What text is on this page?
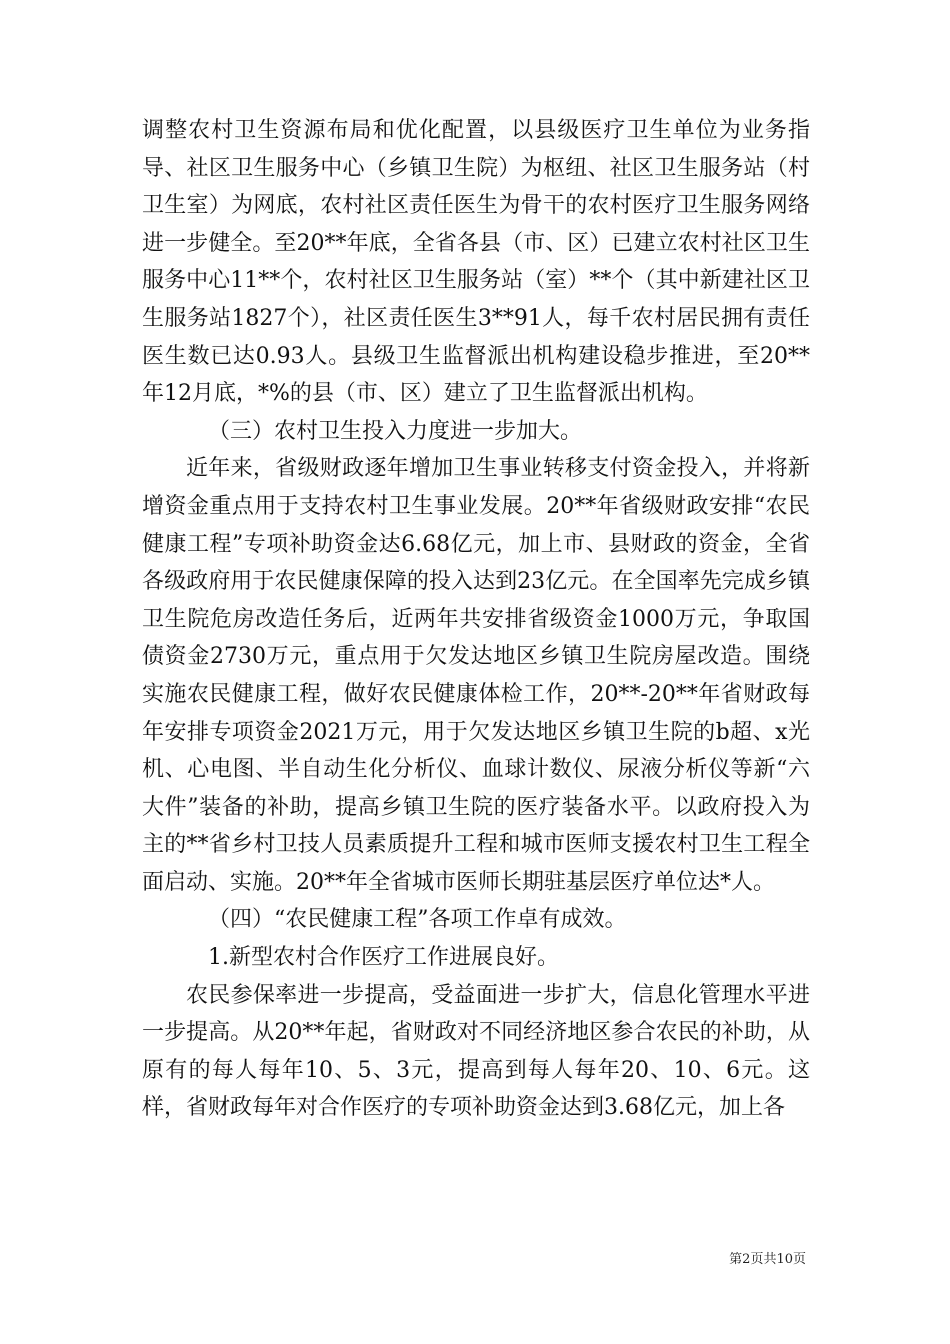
调整农村卫生资源布局和优化配置，以县级医疗卫生单位为业务指导、社区卫生服务中心（乡镇卫生院）为枢纽、社区卫生服务站（村卫生室）为网底，农村社区责任医生为骨干的农村医疗卫生服务网络进一步健全。至20**年底，全省各县（市、区）已建立农村社区卫生服务中心11**个，农村社区卫生服务站（室）**个（其中新建社区卫生服务站1827个），社区责任医生3**91人，每千农村居民拥有责任医生数已达0.93人。县级卫生监督派出机构建设稳步推进，至20**年12月底，*%的县（市、区）建立了卫生监督派出机构。

（三）农村卫生投入力度进一步加大。

近年来，省级财政逐年增加卫生事业转移支付资金投入，并将新增资金重点用于支持农村卫生事业发展。20**年省级财政安排“农民健康工程”专项补助资金达6.68亿元，加上市、县财政的资金，全省各级政府用于农民健康保障的投入达到23亿元。在全国率先完成乡镇卫生院危房改造任务后，近两年共安排省级资金1000万元，争取国债资金2730万元，重点用于欠发达地区乡镇卫生院房屋改造。围绕实施农民健康工程，做好农民健康体检工作，20**-20**年省财政每年安排专项资金2021万元，用于欠发达地区乡镇卫生院的b超、x光机、心电图、半自动生化分析仪、血球计数仪、尿液分析仪等新“六大件”装备的补助，提高乡镇卫生院的医疗装备水平。以政府投入为主的**省乡村卫技人员素质提升工程和城市医师支援农村卫生工程全面启动、实施。20**年全省城市医师长期驻基层医疗单位达*人。

（四）“农民健康工程”各项工作卓有成效。

1.新型农村合作医疗工作进展良好。

农民参保率进一步提高，受益面进一步扩大，信息化管理水平进一步提高。从20**年起，省财政对不同经济地区参合农民的补助，从原有的每人每年10、5、3元，提高到每人每年20、10、6元。这样，省财政每年对合作医疗的专项补助资金达到3.68亿元，加上各

第2页共10页
